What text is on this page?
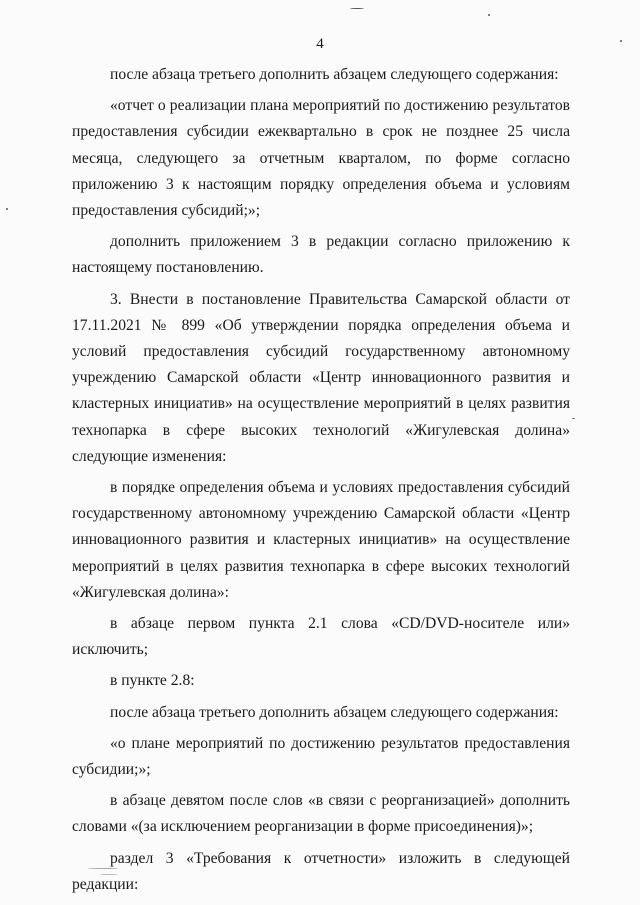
4

после абзаца третьего дополнить абзацем следующего содержания:

«отчет о реализации плана мероприятий по достижению результатов предоставления субсидии ежеквартально в срок не позднее 25 числа месяца, следующего за отчетным кварталом, по форме согласно приложению 3 к настоящим порядку определения объема и условиям предоставления субсидий;»;

дополнить приложением 3 в редакции согласно приложению к настоящему постановлению.

3. Внести в постановление Правительства Самарской области от 17.11.2021 № 899 «Об утверждении порядка определения объема и условий предоставления субсидий государственному автономному учреждению Самарской области «Центр инновационного развития и кластерных инициатив» на осуществление мероприятий в целях развития технопарка в сфере высоких технологий «Жигулевская долина» следующие изменения:

в порядке определения объема и условиях предоставления субсидий государственному автономному учреждению Самарской области «Центр инновационного развития и кластерных инициатив» на осуществление мероприятий в целях развития технопарка в сфере высоких технологий «Жигулевская долина»:

в абзаце первом пункта 2.1 слова «CD/DVD-носителе или» исключить;

в пункте 2.8:

после абзаца третьего дополнить абзацем следующего содержания:

«о плане мероприятий по достижению результатов предоставления субсидии;»;

в абзаце девятом после слов «в связи с реорганизацией» дополнить словами «(за исключением реорганизации в форме присоединения)»;

раздел 3 «Требования к отчетности» изложить в следующей редакции:
